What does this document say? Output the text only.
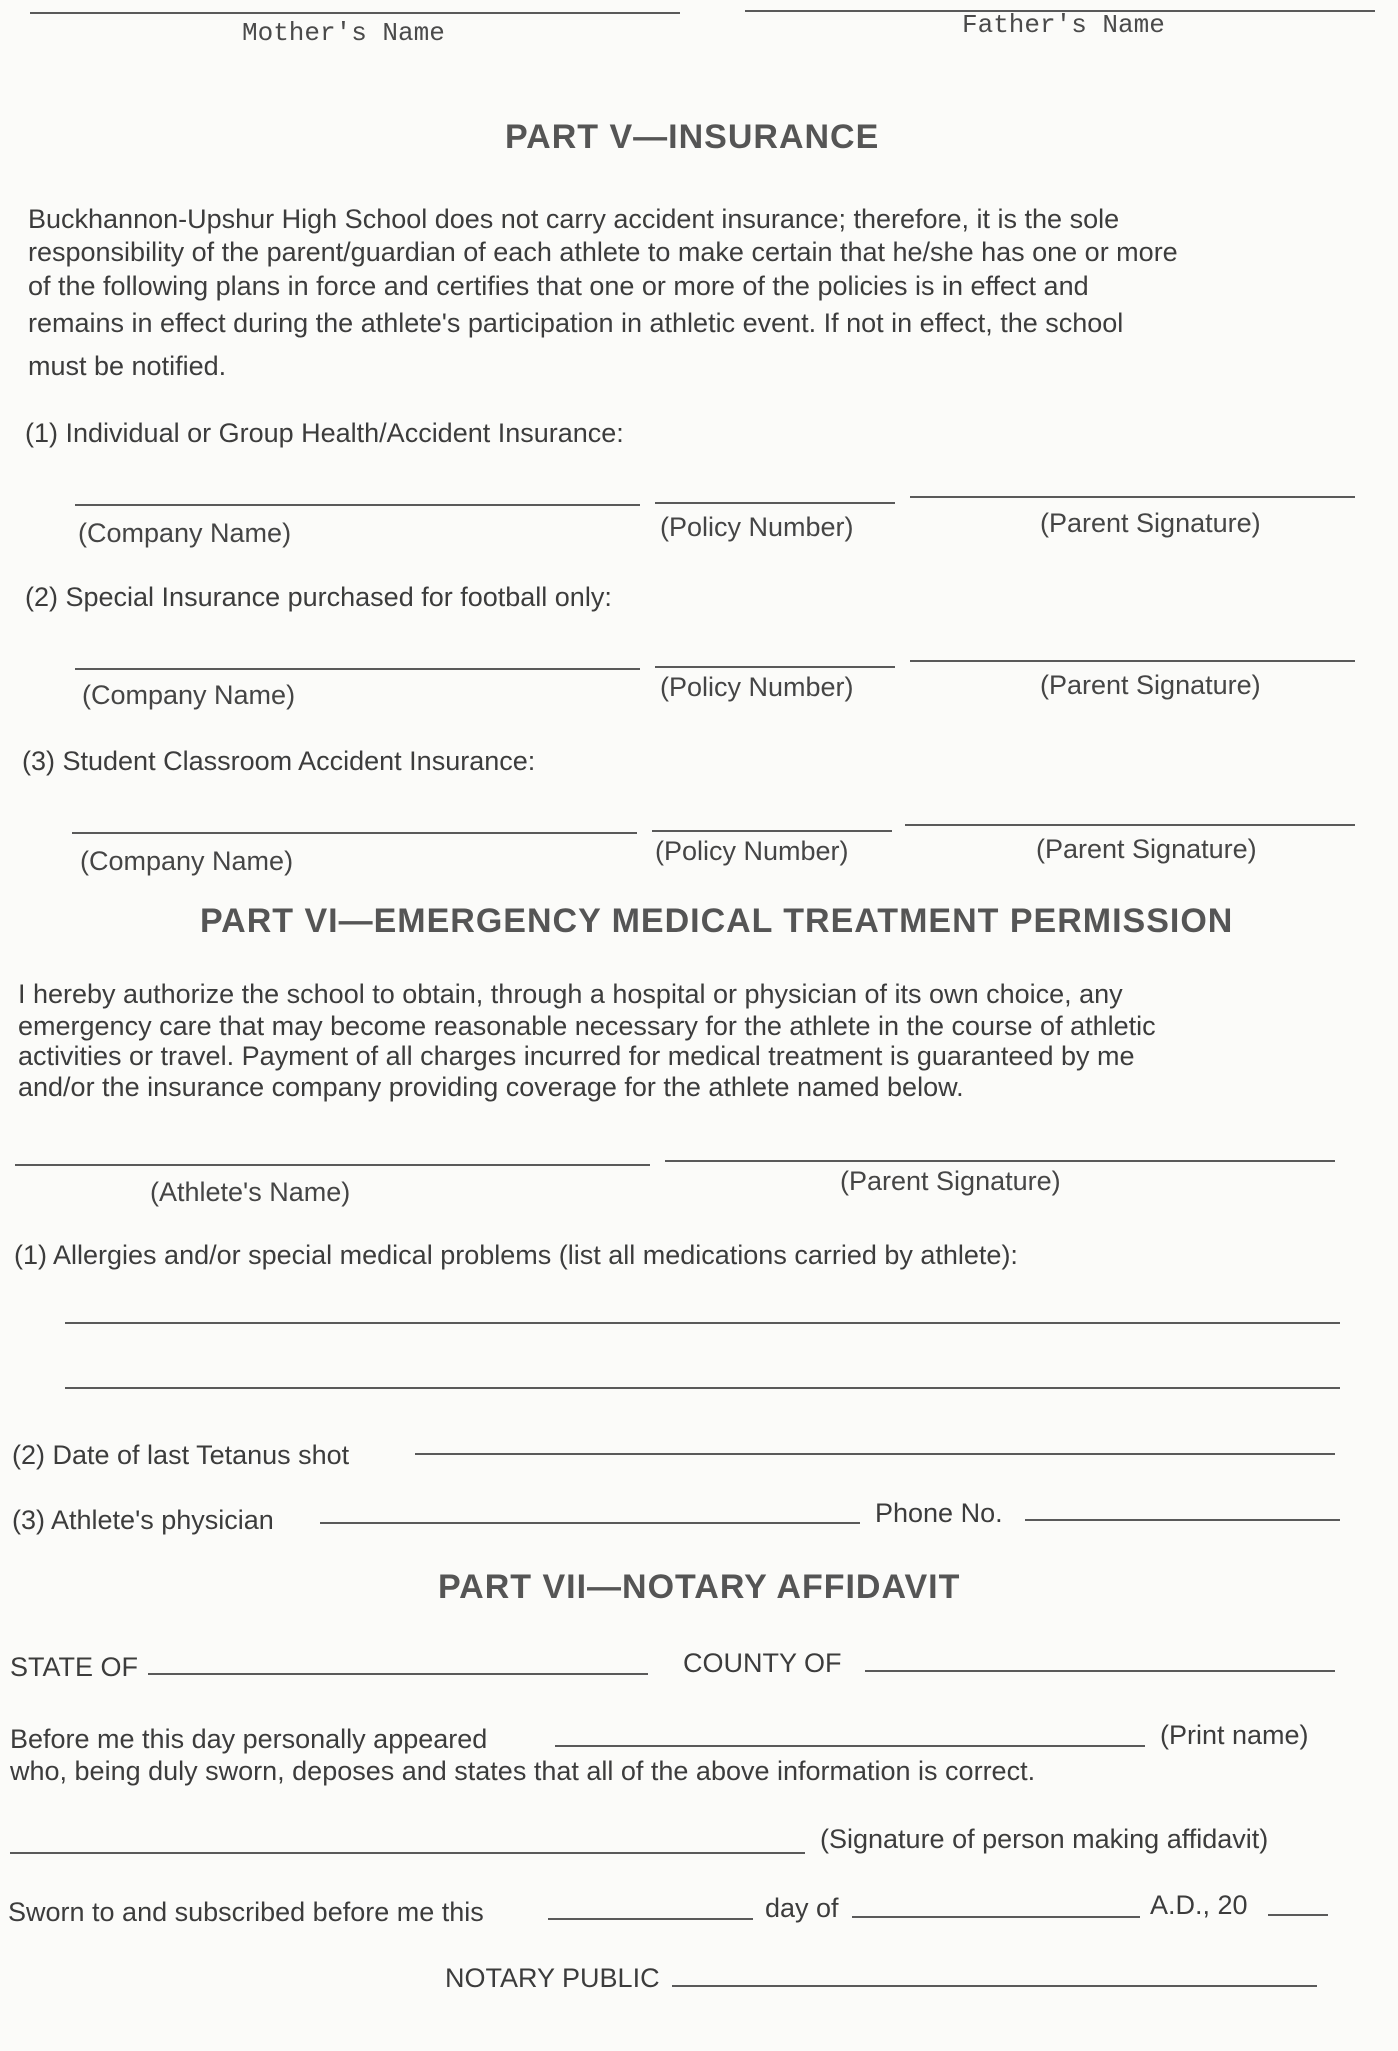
Mother's Name	Father's Name
PART V—INSURANCE
Buckhannon-Upshur High School does not carry accident insurance; therefore, it is the sole
responsibility of the parent/guardian of each athlete to make certain that he/she has one or more
of the following plans in force and certifies that one or more of the policies is in effect and
remains in effect during the athlete's participation in athletic event. If not in effect, the school
must be notified.
(1) Individual or Group Health/Accident Insurance:
(Company Name)	(Policy Number)	(Parent Signature)
(2) Special Insurance purchased for football only:
(Company Name)	(Policy Number)	(Parent Signature)
(3) Student Classroom Accident Insurance:
(Company Name)	(Policy Number)	(Parent Signature)
PART VI—EMERGENCY MEDICAL TREATMENT PERMISSION
I hereby authorize the school to obtain, through a hospital or physician of its own choice, any
emergency care that may become reasonable necessary for the athlete in the course of athletic
activities or travel. Payment of all charges incurred for medical treatment is guaranteed by me
and/or the insurance company providing coverage for the athlete named below.
(Athlete's Name)	(Parent Signature)
(1) Allergies and/or special medical problems (list all medications carried by athlete):
(2) Date of last Tetanus shot
(3) Athlete's physician	Phone No.
PART VII—NOTARY AFFIDAVIT
STATE OF	COUNTY OF
Before me this day personally appeared	(Print name)
who, being duly sworn, deposes and states that all of the above information is correct.
(Signature of person making affidavit)
Sworn to and subscribed before me this	day of	A.D., 20
NOTARY PUBLIC
